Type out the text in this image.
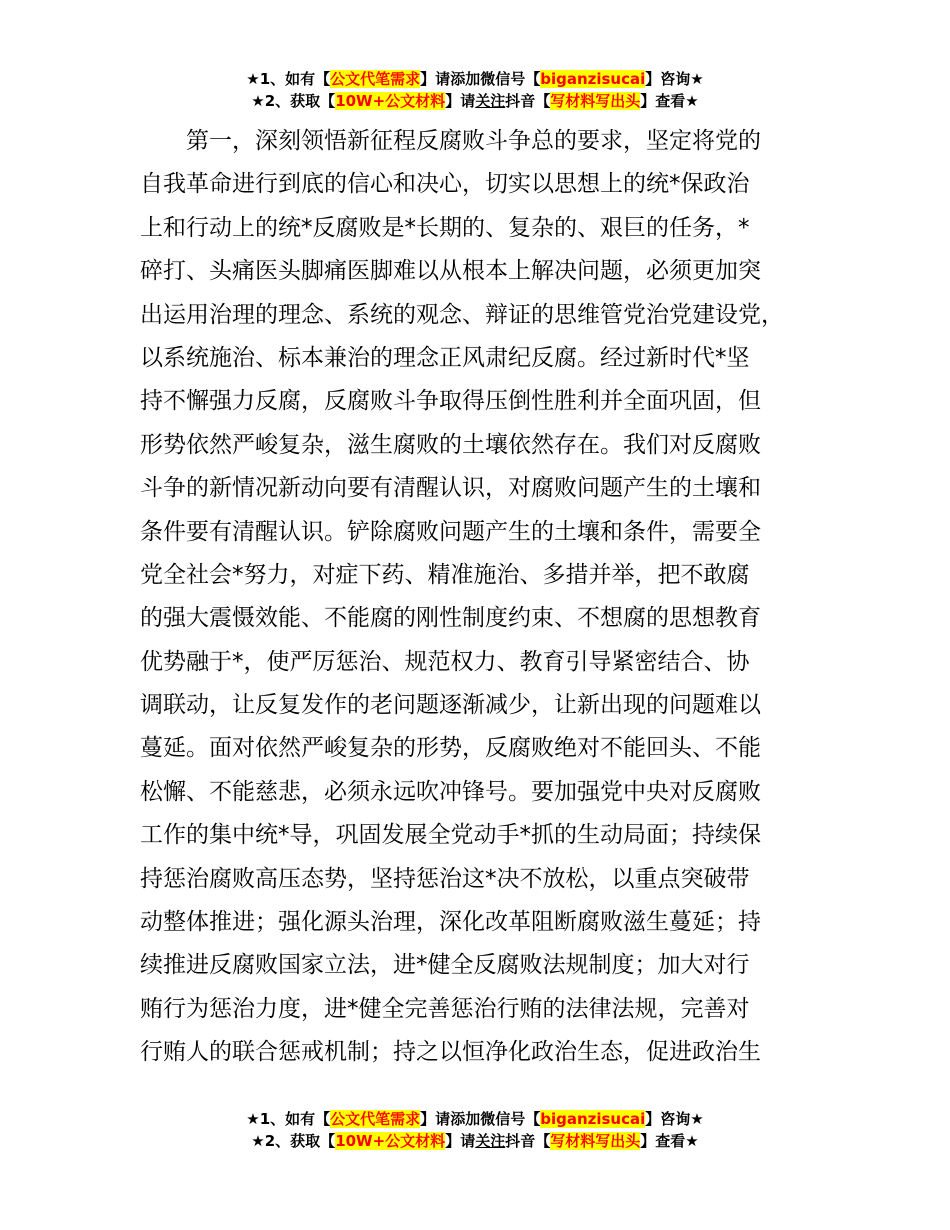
★1、如有【公文代笔需求】请添加微信号【biganzisucai】咨询★
★2、获取【10W+公文材料】请关注抖音【写材料写出头】查看★
　　第一，深刻领悟新征程反腐败斗争总的要求，坚定将党的
自我革命进行到底的信心和决心，切实以思想上的统*保政治
上和行动上的统*反腐败是*长期的、复杂的、艰巨的任务，*
碎打、头痛医头脚痛医脚难以从根本上解决问题，必须更加突
出运用治理的理念、系统的观念、辩证的思维管党治党建设党，
以系统施治、标本兼治的理念正风肃纪反腐。经过新时代*坚
持不懈强力反腐，反腐败斗争取得压倒性胜利并全面巩固，但
形势依然严峻复杂，滋生腐败的土壤依然存在。我们对反腐败
斗争的新情况新动向要有清醒认识，对腐败问题产生的土壤和
条件要有清醒认识。铲除腐败问题产生的土壤和条件，需要全
党全社会*努力，对症下药、精准施治、多措并举，把不敢腐
的强大震慑效能、不能腐的刚性制度约束、不想腐的思想教育
优势融于*，使严厉惩治、规范权力、教育引导紧密结合、协
调联动，让反复发作的老问题逐渐减少，让新出现的问题难以
蔓延。面对依然严峻复杂的形势，反腐败绝对不能回头、不能
松懈、不能慈悲，必须永远吹冲锋号。要加强党中央对反腐败
工作的集中统*导，巩固发展全党动手*抓的生动局面；持续保
持惩治腐败高压态势，坚持惩治这*决不放松，以重点突破带
动整体推进；强化源头治理，深化改革阻断腐败滋生蔓延；持
续推进反腐败国家立法，进*健全反腐败法规制度；加大对行
贿行为惩治力度，进*健全完善惩治行贿的法律法规，完善对
行贿人的联合惩戒机制；持之以恒净化政治生态，促进政治生
★1、如有【公文代笔需求】请添加微信号【biganzisucai】咨询★
★2、获取【10W+公文材料】请关注抖音【写材料写出头】查看★
